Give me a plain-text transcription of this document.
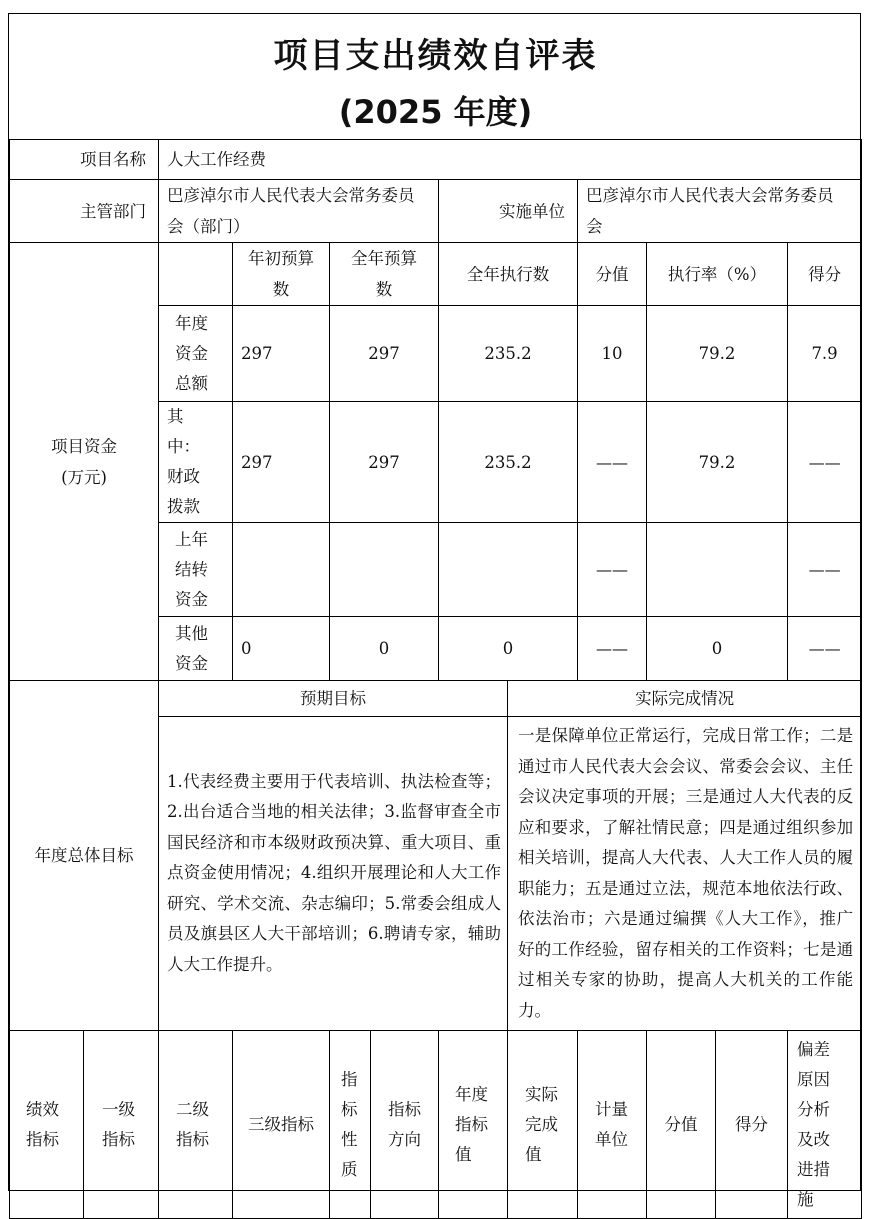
项目支出绩效自评表
(2025 年度)
项目名称		人大工作经费									
主管部门		巴彦淖尔市人民代表大会常务委员会（部门）				实施单位		巴彦淖尔市人民代表大会常务委员会			

项目资金
(万元)			年初预算数	全年预算数		全年执行数		分值	执行率（%）		得分
		年度资金总额	297	297		235.2		10	79.2		7.9
		其中：财政拨款	297	297		235.2		——	79.2		——
		上年结转资金						——			——
		其他资金	0	0		0		——	0		——
年度总体目标		预期目标					实际完成情况				
		1.代表经费主要用于代表培训、执法检查等；2.出台适合当地的相关法律；3.监督审查全市国民经济和市本级财政预决算、重大项目、重点资金使用情况；4.组织开展理论和人大工作研究、学术交流、杂志编印；5.常委会组成人员及旗县区人大干部培训；6.聘请专家，辅助人大工作提升。					一是保障单位正常运行，完成日常工作；二是通过市人民代表大会会议、常委会会议、主任会议决定事项的开展；三是通过人大代表的反应和要求，了解社情民意；四是通过组织参加相关培训，提高人大代表、人大工作人员的履职能力；五是通过立法，规范本地依法行政、依法治市；六是通过编撰《人大工作》，推广好的工作经验，留存相关的工作资料；七是通过相关专家的协助，提高人大机关的工作能力。				
绩效指标	一级指标	二级指标	三级指标	指标性质	指标方向	年度指标值	实际完成值	计量单位	分值	得分	偏差原因分析及改进措施
